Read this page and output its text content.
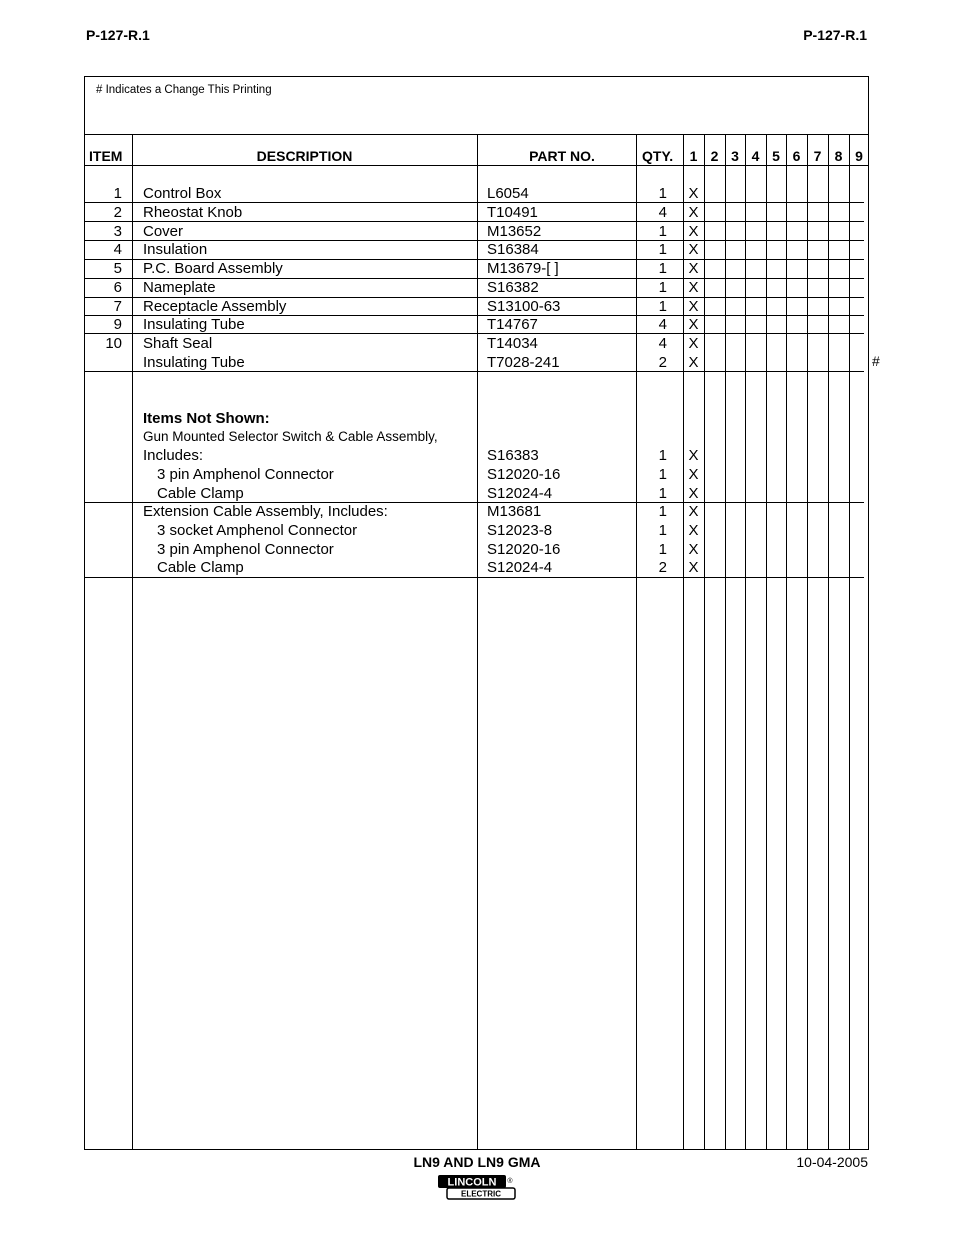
P-127-R.1	P-127-R.1
# Indicates a Change This Printing
ITEM	DESCRIPTION	PART NO.	QTY.	1 2 3 4 5 6 7 8 9
1 Control Box	L6054	1	X
2 Rheostat Knob	T10491	4	X
3 Cover	M13652	1	X
4 Insulation	S16384	1	X
5 P.C. Board Assembly	M13679-[ ]	1	X
6 Nameplate	S16382	1	X
7 Receptacle Assembly	S13100-63	1	X
9 Insulating Tube	T14767	4	X
10 Shaft Seal	T14034	4	X
Insulating Tube	T7028-241	2	X	#
Items Not Shown:
Gun Mounted Selector Switch & Cable Assembly,
Includes:	S16383	1	X
3 pin Amphenol Connector	S12020-16	1	X
Cable Clamp	S12024-4	1	X
Extension Cable Assembly, Includes:	M13681	1	X
3 socket Amphenol Connector	S12023-8	1	X
3 pin Amphenol Connector	S12020-16	1	X
Cable Clamp	S12024-4	2	X
LN9 AND LN9 GMA	10-04-2005
LINCOLN ®
ELECTRIC
